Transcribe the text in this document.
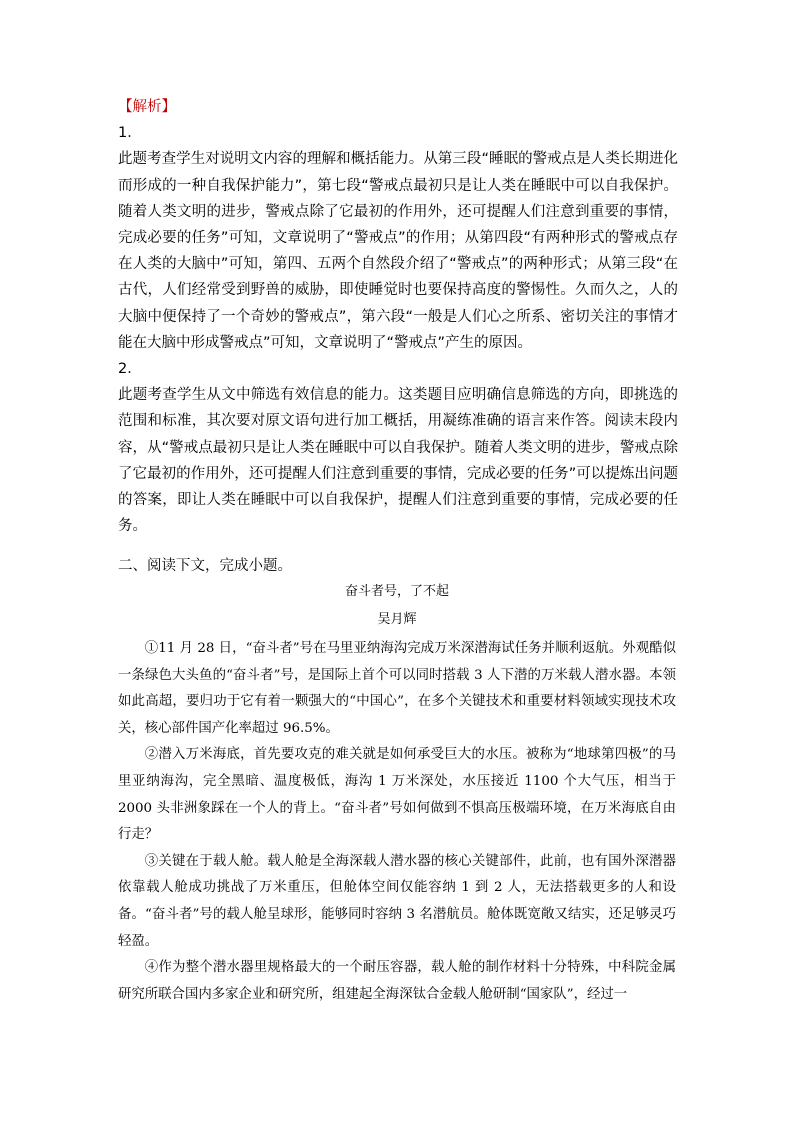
【解析】

1．

此题考查学生对说明文内容的理解和概括能力。从第三段“睡眠的警戒点是人类长期进化而形成的一种自我保护能力”，第七段“警戒点最初只是让人类在睡眠中可以自我保护。随着人类文明的进步，警戒点除了它最初的作用外，还可提醒人们注意到重要的事情，完成必要的任务”可知，文章说明了“警戒点”的作用；从第四段“有两种形式的警戒点存在人类的大脑中”可知，第四、五两个自然段介绍了“警戒点”的两种形式；从第三段“在古代，人们经常受到野兽的威胁，即使睡觉时也要保持高度的警惕性。久而久之，人的大脑中便保持了一个奇妙的警戒点”，第六段“一般是人们心之所系、密切关注的事情才能在大脑中形成警戒点”可知，文章说明了“警戒点”产生的原因。

2．

此题考查学生从文中筛选有效信息的能力。这类题目应明确信息筛选的方向，即挑选的范围和标准，其次要对原文语句进行加工概括，用凝练准确的语言来作答。阅读末段内容，从“警戒点最初只是让人类在睡眠中可以自我保护。随着人类文明的进步，警戒点除了它最初的作用外，还可提醒人们注意到重要的事情，完成必要的任务”可以提炼出问题的答案，即让人类在睡眠中可以自我保护，提醒人们注意到重要的事情，完成必要的任务。

二、阅读下文，完成小题。
奋斗者号，了不起
吴月辉

①11 月 28 日，“奋斗者”号在马里亚纳海沟完成万米深潜海试任务并顺利返航。外观酷似一条绿色大头鱼的“奋斗者”号，是国际上首个可以同时搭载 3 人下潜的万米载人潜水器。本领如此高超，要归功于它有着一颗强大的“中国心”，在多个关键技术和重要材料领域实现技术攻关，核心部件国产化率超过 96.5%。

②潜入万米海底，首先要攻克的难关就是如何承受巨大的水压。被称为“地球第四极”的马里亚纳海沟，完全黑暗、温度极低，海沟 1 万米深处，水压接近 1100 个大气压，相当于 2000 头非洲象踩在一个人的背上。“奋斗者”号如何做到不惧高压极端环境，在万米海底自由行走？

③关键在于载人舱。载人舱是全海深载人潜水器的核心关键部件，此前，也有国外深潜器依靠载人舱成功挑战了万米重压，但舱体空间仅能容纳 1 到 2 人，无法搭载更多的人和设备。“奋斗者”号的载人舱呈球形，能够同时容纳 3 名潜航员。舱体既宽敞又结实，还足够灵巧轻盈。

④作为整个潜水器里规格最大的一个耐压容器，载人舱的制作材料十分特殊，中科院金属研究所联合国内多家企业和研究所，组建起全海深钛合金载人舱研制“国家队”，经过一
